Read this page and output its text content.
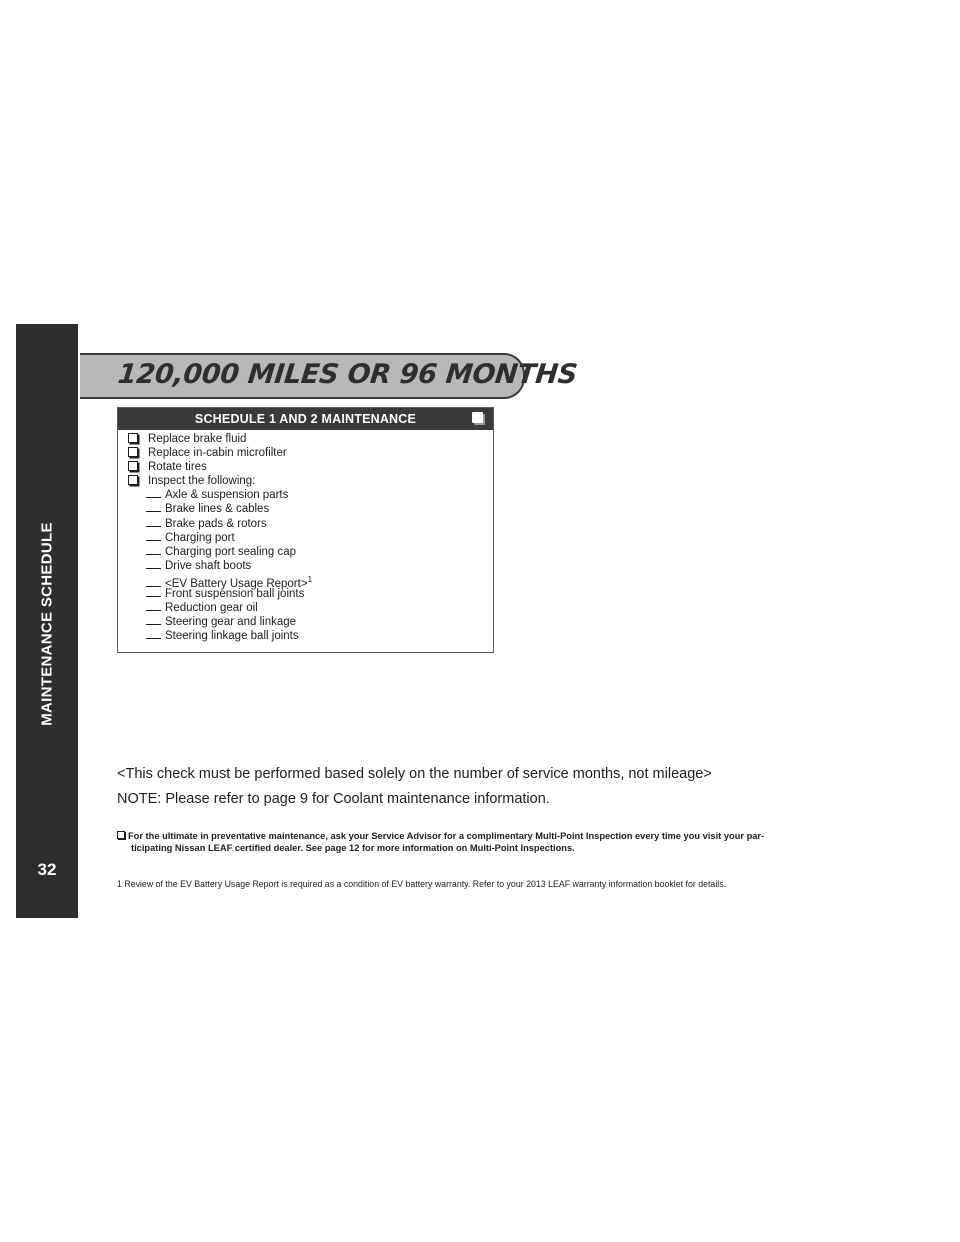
MAINTENANCE SCHEDULE
32
120,000 MILES OR 96 MONTHS
SCHEDULE 1 AND 2 MAINTENANCE
Replace brake fluid
Replace in-cabin microfilter
Rotate tires
Inspect the following:
Axle & suspension parts
Brake lines & cables
Brake pads & rotors
Charging port
Charging port sealing cap
Drive shaft boots
<EV Battery Usage Report>$^1$
Front suspension ball joints
Reduction gear oil
Steering gear and linkage
Steering linkage ball joints
<This check must be performed based solely on the number of service months, not mileage>
NOTE: Please refer to page 9 for Coolant maintenance information.
For the ultimate in preventative maintenance, ask your Service Advisor for a complimentary Multi-Point Inspection every time you visit your par-
ticipating Nissan LEAF certified dealer. See page 12 for more information on Multi-Point Inspections.
1 Review of the EV Battery Usage Report is required as a condition of EV battery warranty. Refer to your 2013 LEAF warranty information booklet for details.
